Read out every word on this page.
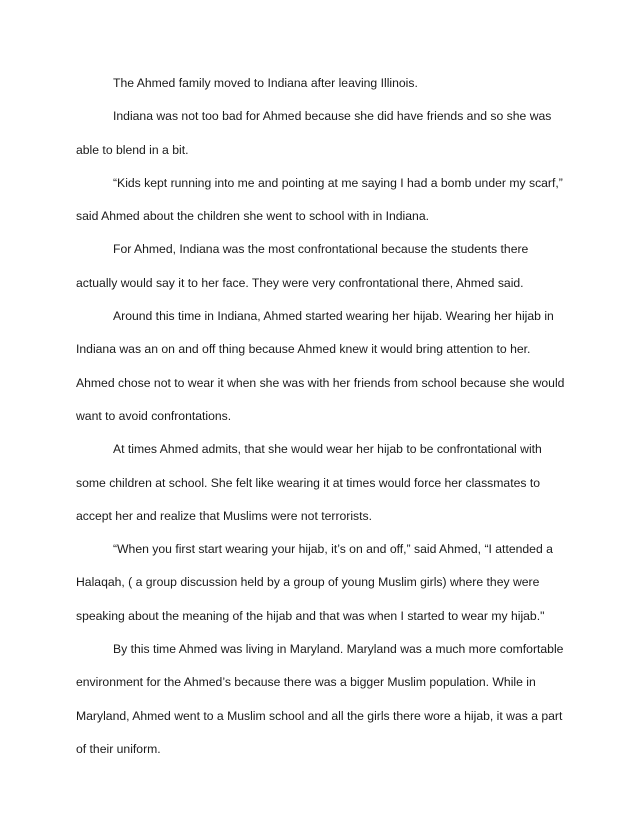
The Ahmed family moved to Indiana after leaving Illinois.

Indiana was not too bad for Ahmed because she did have friends and so she was able to blend in a bit.

“Kids kept running into me and pointing at me saying I had a bomb under my scarf,” said Ahmed about the children she went to school with in Indiana.

For Ahmed, Indiana was the most confrontational because the students there actually would say it to her face. They were very confrontational there, Ahmed said.

Around this time in Indiana, Ahmed started wearing her hijab. Wearing her hijab in Indiana was an on and off thing because Ahmed knew it would bring attention to her. Ahmed chose not to wear it when she was with her friends from school because she would want to avoid confrontations.

At times Ahmed admits, that she would wear her hijab to be confrontational with some children at school. She felt like wearing it at times would force her classmates to accept her and realize that Muslims were not terrorists.

“When you first start wearing your hijab, it’s on and off,” said Ahmed, “I attended a Halaqah, ( a group discussion held by a group of young Muslim girls) where they were speaking about the meaning of the hijab and that was when I started to wear my hijab."

By this time Ahmed was living in Maryland. Maryland was a much more comfortable environment for the Ahmed’s because there was a bigger Muslim population. While in Maryland, Ahmed went to a Muslim school and all the girls there wore a hijab, it was a part of their uniform.
